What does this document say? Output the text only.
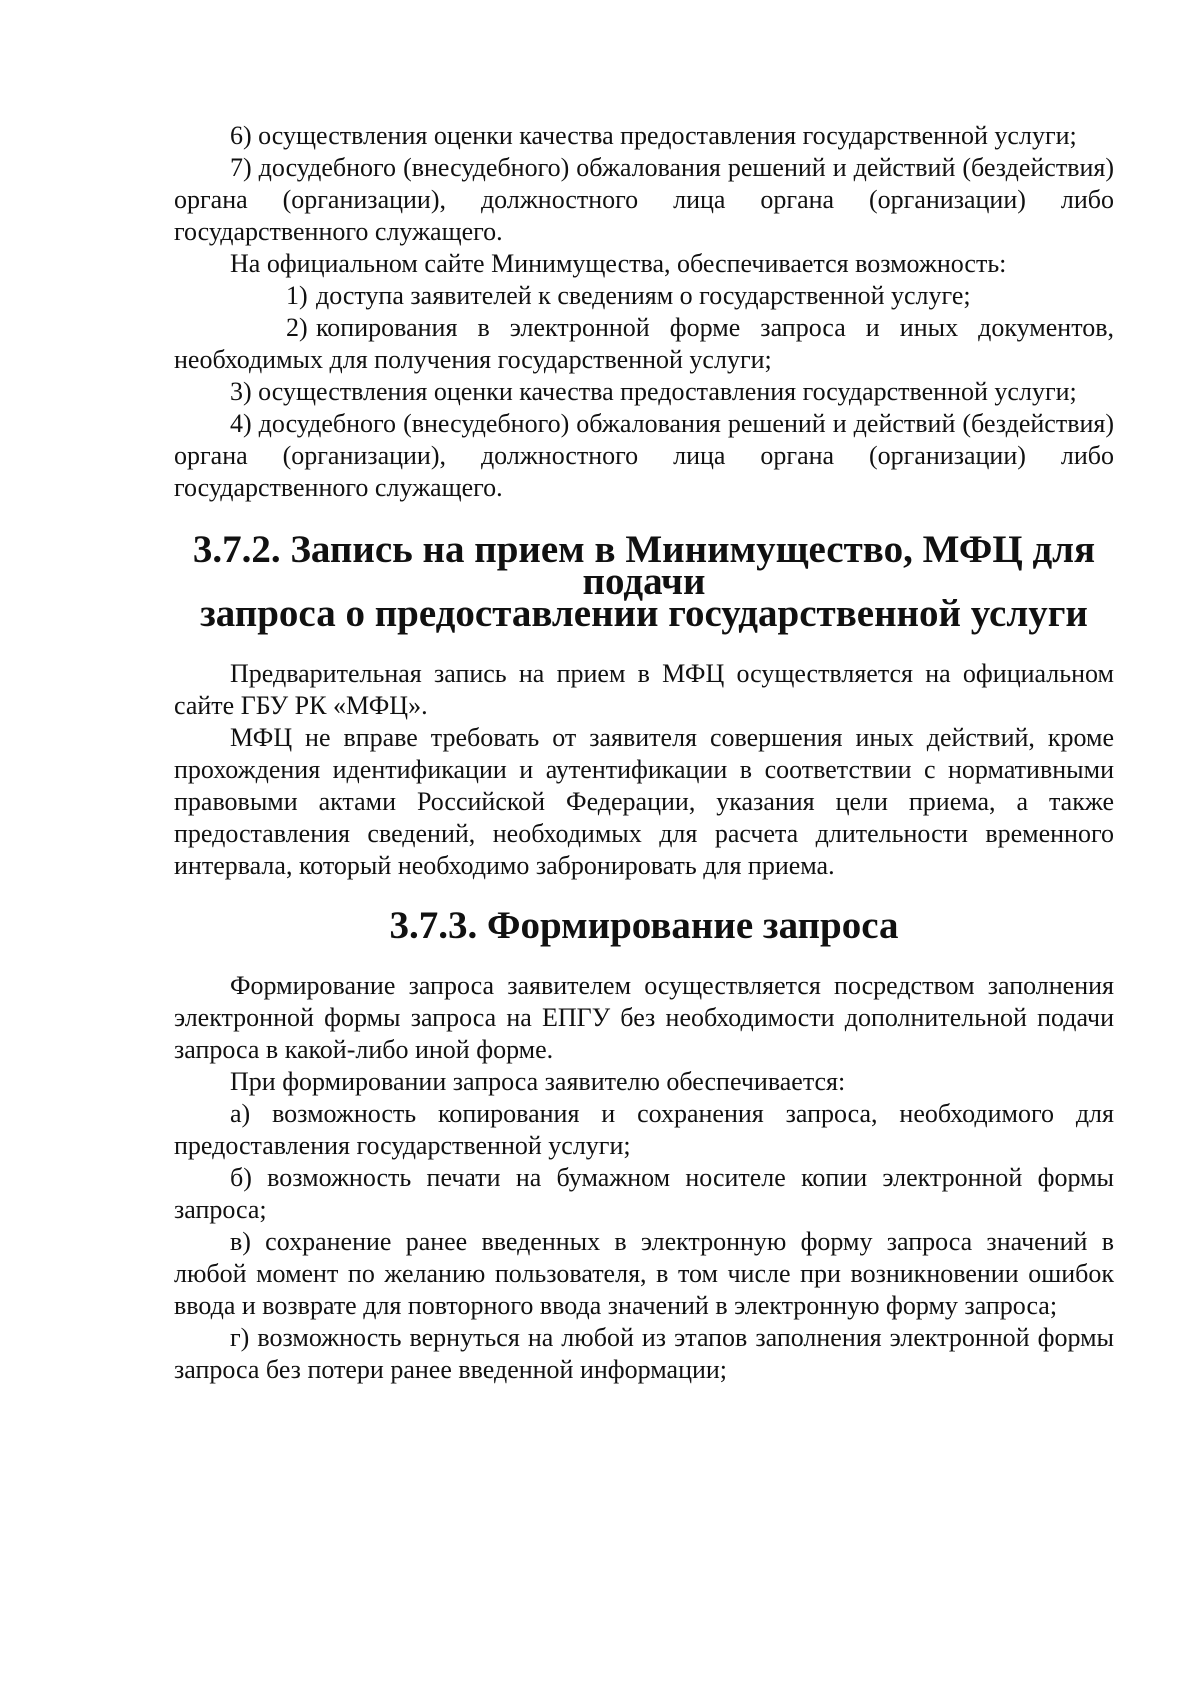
6) осуществления оценки качества предоставления государственной услуги;

7) досудебного (внесудебного) обжалования решений и действий (бездействия) органа (организации), должностного лица органа (организации) либо государственного служащего.

На официальном сайте Минимущества, обеспечивается возможность:

1) доступа заявителей к сведениям о государственной услуге;

2) копирования в электронной форме запроса и иных документов, необходимых для получения государственной услуги;

3) осуществления оценки качества предоставления государственной услуги;

4) досудебного (внесудебного) обжалования решений и действий (бездействия) органа (организации), должностного лица органа (организации) либо государственного служащего.

3.7.2. Запись на прием в Минимущество, МФЦ для подачи
запроса о предоставлении государственной услуги

Предварительная запись на прием в МФЦ осуществляется на официальном сайте ГБУ РК «МФЦ».

МФЦ не вправе требовать от заявителя совершения иных действий, кроме прохождения идентификации и аутентификации в соответствии с нормативными правовыми актами Российской Федерации, указания цели приема, а также предоставления сведений, необходимых для расчета длительности временного интервала, который необходимо забронировать для приема.

3.7.3. Формирование запроса

Формирование запроса заявителем осуществляется посредством заполнения электронной формы запроса на ЕПГУ без необходимости дополнительной подачи запроса в какой-либо иной форме.

При формировании запроса заявителю обеспечивается:

а) возможность копирования и сохранения запроса, необходимого для предоставления государственной услуги;

б) возможность печати на бумажном носителе копии электронной формы запроса;

в) сохранение ранее введенных в электронную форму запроса значений в любой момент по желанию пользователя, в том числе при возникновении ошибок ввода и возврате для повторного ввода значений в электронную форму запроса;

г) возможность вернуться на любой из этапов заполнения электронной формы запроса без потери ранее введенной информации;
